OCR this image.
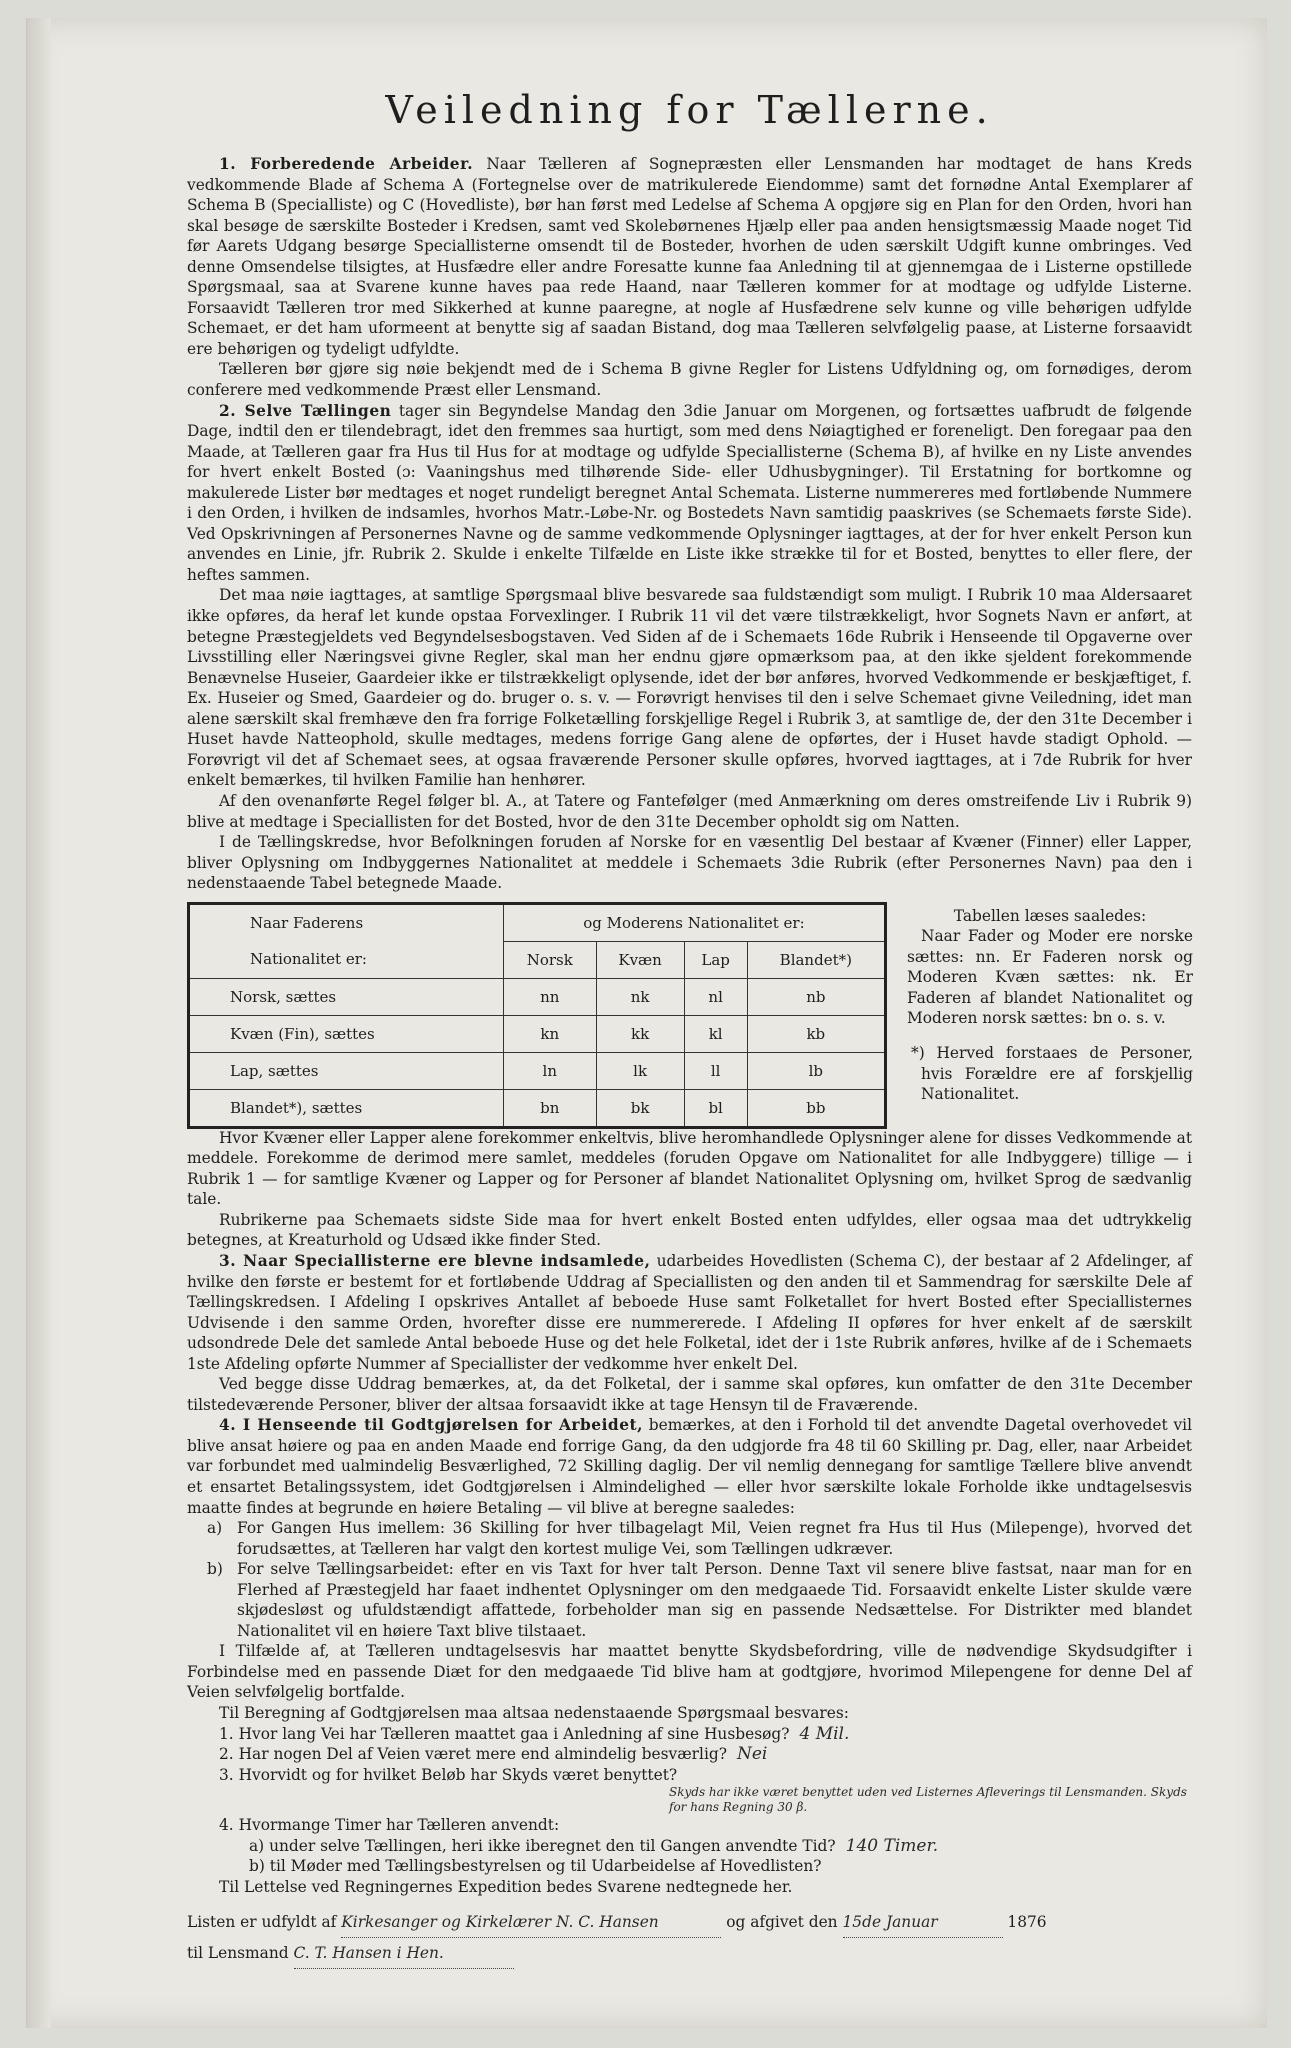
Veiledning for Tællerne.

1. Forberedende Arbeider. Naar Tælleren af Sognepræsten eller Lensmanden har modtaget de hans Kreds vedkommende Blade af Schema A (Fortegnelse over de matrikulerede Eiendomme) samt det fornødne Antal Exemplarer af Schema B (Specialliste) og C (Hovedliste), bør han først med Ledelse af Schema A opgjøre sig en Plan for den Orden, hvori han skal besøge de særskilte Bosteder i Kredsen, samt ved Skolebørnenes Hjælp eller paa anden hensigtsmæssig Maade noget Tid før Aarets Udgang besørge Speciallisterne omsendt til de Bosteder, hvorhen de uden særskilt Udgift kunne ombringes. Ved denne Omsendelse tilsigtes, at Husfædre eller andre Foresatte kunne faa Anledning til at gjennemgaa de i Listerne opstillede Spørgsmaal, saa at Svarene kunne haves paa rede Haand, naar Tælleren kommer for at modtage og udfylde Listerne. Forsaavidt Tælleren tror med Sikkerhed at kunne paaregne, at nogle af Husfædrene selv kunne og ville behørigen udfylde Schemaet, er det ham uformeent at benytte sig af saadan Bistand, dog maa Tælleren selvfølgelig paase, at Listerne forsaavidt ere behørigen og tydeligt udfyldte.

Tælleren bør gjøre sig nøie bekjendt med de i Schema B givne Regler for Listens Udfyldning og, om fornødiges, derom conferere med vedkommende Præst eller Lensmand.

2. Selve Tællingen tager sin Begyndelse Mandag den 3die Januar om Morgenen, og fortsættes uafbrudt de følgende Dage, indtil den er tilendebragt, idet den fremmes saa hurtigt, som med dens Nøiagtighed er foreneligt. Den foregaar paa den Maade, at Tælleren gaar fra Hus til Hus for at modtage og udfylde Speciallisterne (Schema B), af hvilke en ny Liste anvendes for hvert enkelt Bosted (ɔ: Vaaningshus med tilhørende Side- eller Udhusbygninger). Til Erstatning for bortkomne og makulerede Lister bør medtages et noget rundeligt beregnet Antal Schemata. Listerne nummereres med fortløbende Nummere i den Orden, i hvilken de indsamles, hvorhos Matr.-Løbe-Nr. og Bostedets Navn samtidig paaskrives (se Schemaets første Side). Ved Opskrivningen af Personernes Navne og de samme vedkommende Oplysninger iagttages, at der for hver enkelt Person kun anvendes en Linie, jfr. Rubrik 2. Skulde i enkelte Tilfælde en Liste ikke strække til for et Bosted, benyttes to eller flere, der heftes sammen.

Det maa nøie iagttages, at samtlige Spørgsmaal blive besvarede saa fuldstændigt som muligt. I Rubrik 10 maa Aldersaaret ikke opføres, da heraf let kunde opstaa Forvexlinger. I Rubrik 11 vil det være tilstrækkeligt, hvor Sognets Navn er anført, at betegne Præstegjeldets ved Begyndelsesbogstaven. Ved Siden af de i Schemaets 16de Rubrik i Henseende til Opgaverne over Livsstilling eller Næringsvei givne Regler, skal man her endnu gjøre opmærksom paa, at den ikke sjeldent forekommende Benævnelse Huseier, Gaardeier ikke er tilstrækkeligt oplysende, idet der bør anføres, hvorved Vedkommende er beskjæftiget, f. Ex. Huseier og Smed, Gaardeier og do. bruger o. s. v. — Forøvrigt henvises til den i selve Schemaet givne Veiledning, idet man alene særskilt skal fremhæve den fra forrige Folketælling forskjellige Regel i Rubrik 3, at samtlige de, der den 31te December i Huset havde Natteophold, skulle medtages, medens forrige Gang alene de opførtes, der i Huset havde stadigt Ophold. — Forøvrigt vil det af Schemaet sees, at ogsaa fraværende Personer skulle opføres, hvorved iagttages, at i 7de Rubrik for hver enkelt bemærkes, til hvilken Familie han henhører.

Af den ovenanførte Regel følger bl. A., at Tatere og Fantefølger (med Anmærkning om deres omstreifende Liv i Rubrik 9) blive at medtage i Speciallisten for det Bosted, hvor de den 31te December opholdt sig om Natten.

I de Tællingskredse, hvor Befolkningen foruden af Norske for en væsentlig Del bestaar af Kvæner (Finner) eller Lapper, bliver Oplysning om Indbyggernes Nationalitet at meddele i Schemaets 3die Rubrik (efter Personernes Navn) paa den i nedenstaaende Tabel betegnede Maade.

Naar Faderens	og Moderens Nationalitet er:			
Nationalitet er:	Norsk	Kvæn	Lap	Blandet*)
Norsk, sættes	nn	nk	nl	nb
Kvæn (Fin), sættes	kn	kk	kl	kb
Lap, sættes	ln	lk	ll	lb
Blandet*), sættes	bn	bk	bl	bb

Tabellen læses saaledes:

Naar Fader og Moder ere norske sættes: nn. Er Faderen norsk og Moderen Kvæn sættes: nk. Er Faderen af blandet Nationalitet og Moderen norsk sættes: bn o. s. v.

*) Herved forstaaes de Personer, hvis Forældre ere af forskjellig Nationalitet.

Hvor Kvæner eller Lapper alene forekommer enkeltvis, blive heromhandlede Oplysninger alene for disses Vedkommende at meddele. Forekomme de derimod mere samlet, meddeles (foruden Opgave om Nationalitet for alle Indbyggere) tillige — i Rubrik 1 — for samtlige Kvæner og Lapper og for Personer af blandet Nationalitet Oplysning om, hvilket Sprog de sædvanlig tale.

Rubrikerne paa Schemaets sidste Side maa for hvert enkelt Bosted enten udfyldes, eller ogsaa maa det udtrykkelig betegnes, at Kreaturhold og Udsæd ikke finder Sted.

3. Naar Speciallisterne ere blevne indsamlede, udarbeides Hovedlisten (Schema C), der bestaar af 2 Afdelinger, af hvilke den første er bestemt for et fortløbende Uddrag af Speciallisten og den anden til et Sammendrag for særskilte Dele af Tællingskredsen. I Afdeling I opskrives Antallet af beboede Huse samt Folketallet for hvert Bosted efter Speciallisternes Udvisende i den samme Orden, hvorefter disse ere nummererede. I Afdeling II opføres for hver enkelt af de særskilt udsondrede Dele det samlede Antal beboede Huse og det hele Folketal, idet der i 1ste Rubrik anføres, hvilke af de i Schemaets 1ste Afdeling opførte Nummer af Speciallister der vedkomme hver enkelt Del.

Ved begge disse Uddrag bemærkes, at, da det Folketal, der i samme skal opføres, kun omfatter de den 31te December tilstedeværende Personer, bliver der altsaa forsaavidt ikke at tage Hensyn til de Fraværende.

4. I Henseende til Godtgjørelsen for Arbeidet, bemærkes, at den i Forhold til det anvendte Dagetal overhovedet vil blive ansat høiere og paa en anden Maade end forrige Gang, da den udgjorde fra 48 til 60 Skilling pr. Dag, eller, naar Arbeidet var forbundet med ualmindelig Besværlighed, 72 Skilling daglig. Der vil nemlig dennegang for samtlige Tællere blive anvendt et ensartet Betalingssystem, idet Godtgjørelsen i Almindelighed — eller hvor særskilte lokale Forholde ikke undtagelsesvis maatte findes at begrunde en høiere Betaling — vil blive at beregne saaledes:

a) For Gangen Hus imellem: 36 Skilling for hver tilbagelagt Mil, Veien regnet fra Hus til Hus (Milepenge), hvorved det forudsættes, at Tælleren har valgt den kortest mulige Vei, som Tællingen udkræver.

b) For selve Tællingsarbeidet: efter en vis Taxt for hver talt Person. Denne Taxt vil senere blive fastsat, naar man for en Flerhed af Præstegjeld har faaet indhentet Oplysninger om den medgaaede Tid. Forsaavidt enkelte Lister skulde være skjødesløst og ufuldstændigt affattede, forbeholder man sig en passende Nedsættelse. For Distrikter med blandet Nationalitet vil en høiere Taxt blive tilstaaet.

I Tilfælde af, at Tælleren undtagelsesvis har maattet benytte Skydsbefordring, ville de nødvendige Skydsudgifter i Forbindelse med en passende Diæt for den medgaaede Tid blive ham at godtgjøre, hvorimod Milepengene for denne Del af Veien selvfølgelig bortfalde.

Til Beregning af Godtgjørelsen maa altsaa nedenstaaende Spørgsmaal besvares:

1. Hvor lang Vei har Tælleren maattet gaa i Anledning af sine Husbesøg? 4 Mil.
2. Har nogen Del af Veien været mere end almindelig besværlig? Nei
3. Hvorvidt og for hvilket Beløb har Skyds været benyttet?
Skyds har ikke været benyttet uden ved Listernes Afleverings til Lensmanden. Skyds for hans Regning 30 β.
4. Hvormange Timer har Tælleren anvendt:
a) under selve Tællingen, heri ikke iberegnet den til Gangen anvendte Tid? 140 Timer.
b) til Møder med Tællingsbestyrelsen og til Udarbeidelse af Hovedlisten?

Til Lettelse ved Regningernes Expedition bedes Svarene nedtegnede her.

Listen er udfyldt af Kirkesanger og Kirkelærer N. C. Hansen	og afgivet den 15de Januar	1876
til Lensmand C. T. Hansen i Hen.
